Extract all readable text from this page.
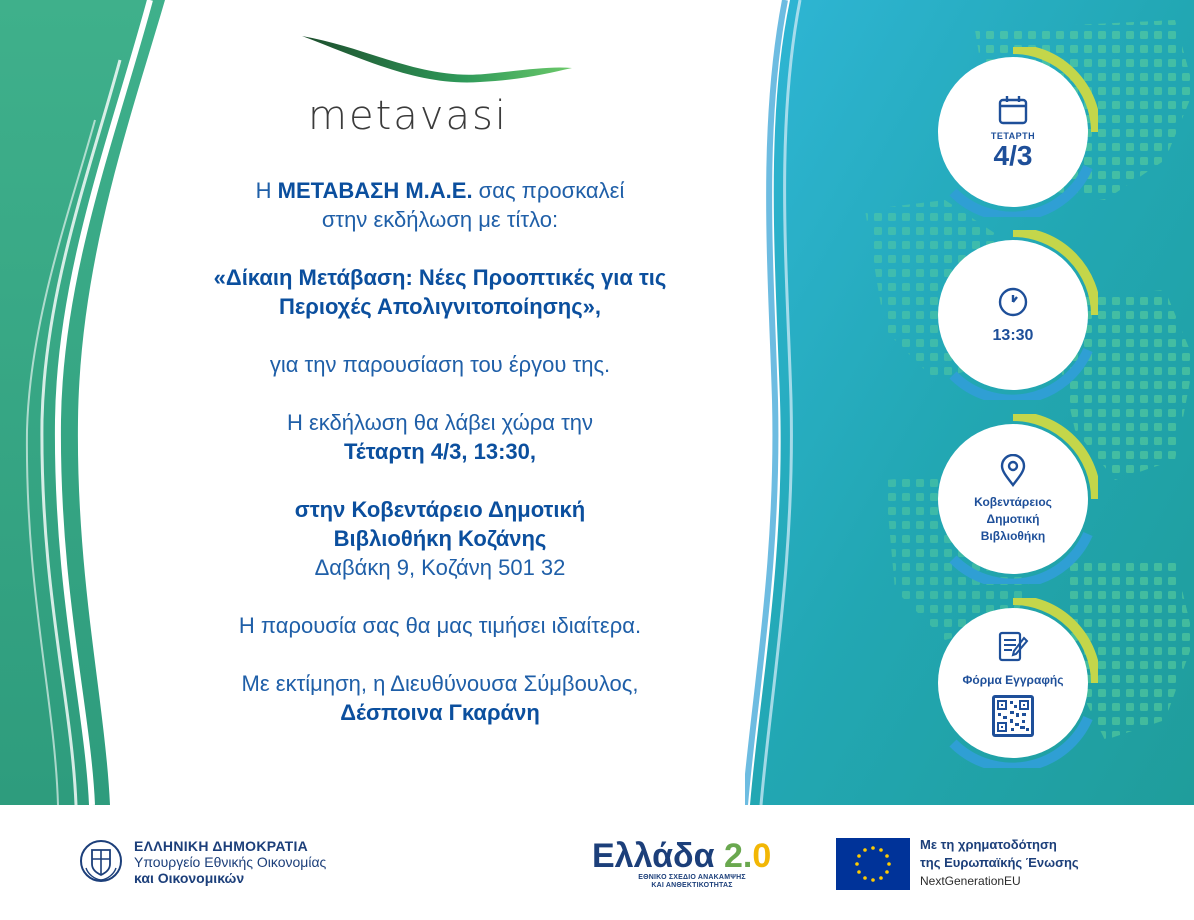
metavasi

Η ΜΕΤΑΒΑΣΗ Μ.Α.Ε. σας προσκαλεί

στην εκδήλωση με τίτλο:

«Δίκαιη Μετάβαση: Νέες Προοπτικές για τις

Περιοχές Απολιγνιτοποίησης»,

για την παρουσίαση του έργου της.

Η εκδήλωση θα λάβει χώρα την

Τέταρτη 4/3, 13:30,

στην Κοβεντάρειο Δημοτική

Βιβλιοθήκη Κοζάνης

Δαβάκη 9, Κοζάνη 501 32

Η παρουσία σας θα μας τιμήσει ιδιαίτερα.

Με εκτίμηση, η Διευθύνουσα Σύμβουλος,

Δέσποινα Γκαράνη

ΤΕΤΑΡΤΗ
4/3
13:30
Κοβεντάρειος
Δημοτική
Βιβλιοθήκη
Φόρμα Εγγραφής
ΕΛΛΗΝΙΚΗ ΔΗΜΟΚΡΑΤΙΑ
Υπουργείο Εθνικής Οικονομίας
και Οικονομικών
Ελλάδα 2.0
ΕΘΝΙΚΟ ΣΧΕΔΙΟ ΑΝΑΚΑΜΨΗΣ
ΚΑΙ ΑΝΘΕΚΤΙΚΟΤΗΤΑΣ
Με τη χρηματοδότηση
της Ευρωπαϊκής Ένωσης
NextGenerationEU
